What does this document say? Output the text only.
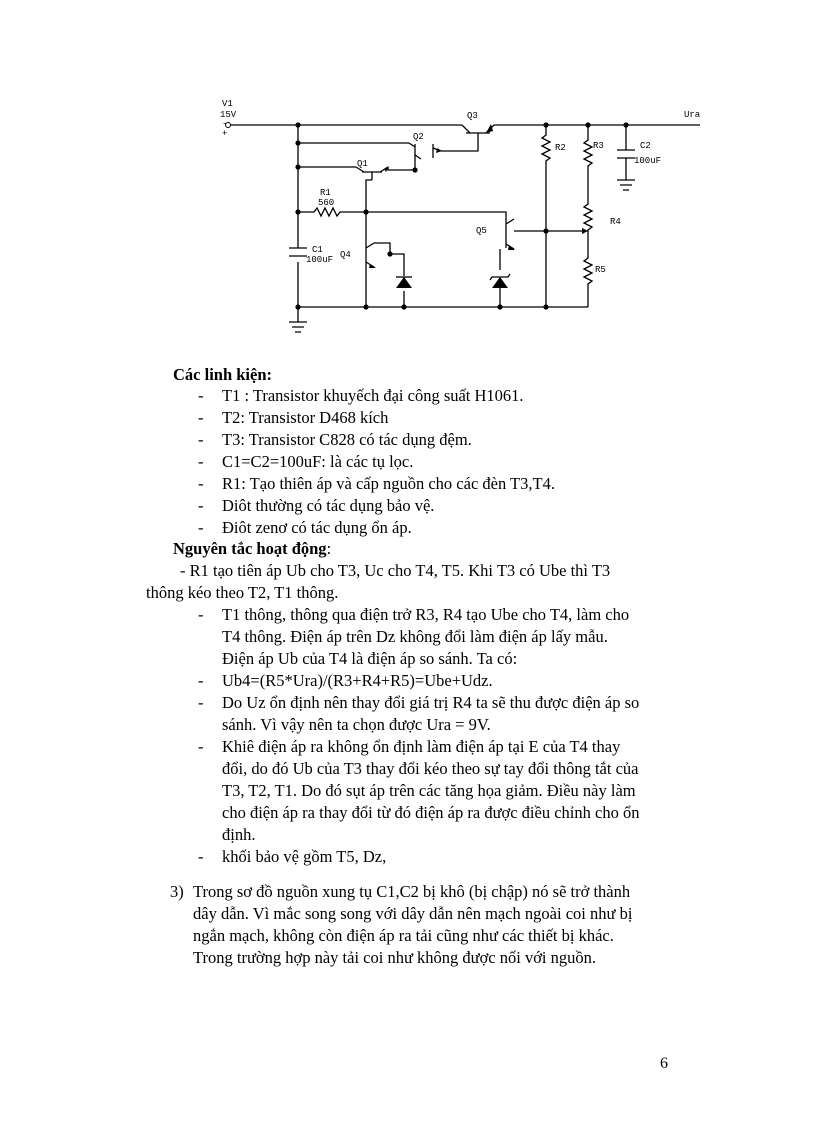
V1
15V
-
+
Ura
Q3
Q2
Q1
R1
560
C1
100uF Q4
Q5
R2	R3
R4
R5
C2
100uF
Các linh kiện:
- T1 : Transistor khuyếch đại công suất H1061.
- T2: Transistor D468 kích
- T3: Transistor C828 có tác dụng đệm.
- C1=C2=100uF: là các tụ lọc.
- R1: Tạo thiên áp và cấp nguồn cho các đèn T3,T4.
- Diôt thường có tác dụng bảo vệ.
- Điôt zenơ có tác dụng ổn áp.
Nguyên tắc hoạt động:
- R1 tạo tiên áp Ub cho T3, Uc cho T4, T5. Khi T3 có Ube thì T3
thông kéo theo T2, T1 thông.
- T1 thông, thông qua điện trở R3, R4 tạo Ube cho T4, làm cho
T4 thông. Điện áp trên Dz không đổi làm điện áp lấy mẫu.
Điện áp Ub của T4 là điện áp so sánh. Ta có:
- Ub4=(R5*Ura)/(R3+R4+R5)=Ube+Udz.
- Do Uz ổn định nên thay đổi giá trị R4 ta sẽ thu được điện áp so
sánh. Vì vậy nên ta chọn được Ura = 9V.
- Khiê điện áp ra không ổn định làm điện áp tại E của T4 thay
đổi, do đó Ub của T3 thay đổi kéo theo sự tay đổi thông tắt của
T3, T2, T1. Do đó sụt áp trên các tăng họa giảm. Điều này làm
cho điện áp ra thay đổi từ đó điện áp ra được điều chỉnh cho ổn
định.
- khối bảo vệ gồm T5, Dz,
3) Trong sơ đồ nguồn xung tụ C1,C2 bị khô (bị chập) nó sẽ trở thành
dây dẫn. Vì mắc song song với dây dẫn nên mạch ngoài coi như bị
ngắn mạch, không còn điện áp ra tải cũng như các thiết bị khác.
Trong trường hợp này tải coi như không được nối với nguồn.
6
